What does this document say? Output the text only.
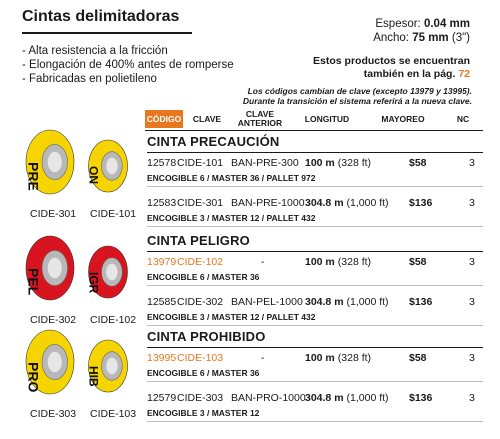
Cintas delimitadoras
- Alta resistencia a la fricción
- Elongación de 400% antes de romperse
- Fabricadas en polietileno
Espesor: 0.04 mm
Ancho: 75 mm (3")
Estos productos se encuentran
también en la pág. 72
Los códigos cambian de clave (excepto 13979 y 13995).
Durante la transición el sistema referirá a la nueva clave.
CÓDIGO	CLAVE	CLAVE ANTERIOR	LONGITUD	MAYOREO	NC
CINTA PRECAUCIÓN
12578 CIDE-101 BAN-PRE-300 100 m (328 ft)	$58	3
ENCOGIBLE 6 / MASTER 36 / PALLET 972
12583 CIDE-301 BAN-PRE-1000 304.8 m (1,000 ft) $136	3
ENCOGIBLE 3 / MASTER 12 / PALLET 432
PRE	ON
CIDE-301 CIDE-101
CINTA PELIGRO
13979 CIDE-102	-	100 m (328 ft)	$58	3
ENCOGIBLE 6 / MASTER 36
12585 CIDE-302 BAN-PEL-1000 304.8 m (1,000 ft) $136	3
ENCOGIBLE 3 / MASTER 12 / PALLET 432
PEL	IGR
CIDE-302 CIDE-102
CINTA PROHIBIDO
13995 CIDE-103	-	100 m (328 ft)	$58	3
ENCOGIBLE 6 / MASTER 36
12579 CIDE-303 BAN-PRO-1000 304.8 m (1,000 ft) $136	3
ENCOGIBLE 3 / MASTER 12
PRO	HIB
CIDE-303 CIDE-103
